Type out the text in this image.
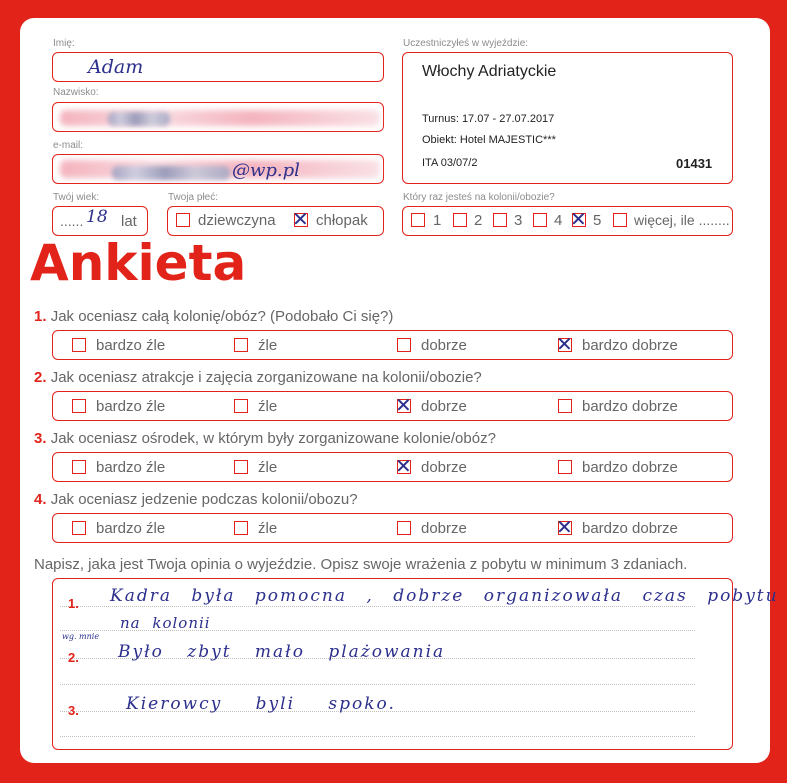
Imię:
Adam
Nazwisko:
e-mail:
@wp.pl
Twój wiek:
...... 18 lat
Twoja płeć:
dziewczyna ✕ chłopak
Uczestniczyłeś w wyjeździe:
Włochy Adriatyckie
Turnus: 17.07 - 27.07.2017
Obiekt: Hotel MAJESTIC***
ITA 03/07/2	01431
Który raz jesteś na kolonii/obozie?
1 2 3 4 ✕ 5 więcej, ile ........
Ankieta
1. Jak oceniasz całą kolonię/obóz? (Podobało Ci się?)
bardzo źle	źle	dobrze	✕ bardzo dobrze
2. Jak oceniasz atrakcje i zajęcia zorganizowane na kolonii/obozie?
bardzo źle	źle	✕ dobrze	bardzo dobrze
3. Jak oceniasz ośrodek, w którym były zorganizowane kolonie/obóz?
bardzo źle	źle	✕ dobrze	bardzo dobrze
4. Jak oceniasz jedzenie podczas kolonii/obozu?
bardzo źle	źle	dobrze	✕ bardzo dobrze
Napisz, jaka jest Twoja opinia o wyjeździe. Opisz swoje wrażenia z pobytu w minimum 3 zdaniach.
1.
2.
3.
Kadra była pomocna , dobrze organizowała czas pobytu
na kolonii
wg. mnie
Było zbyt mało plażowania
Kierowcy byli spoko.
